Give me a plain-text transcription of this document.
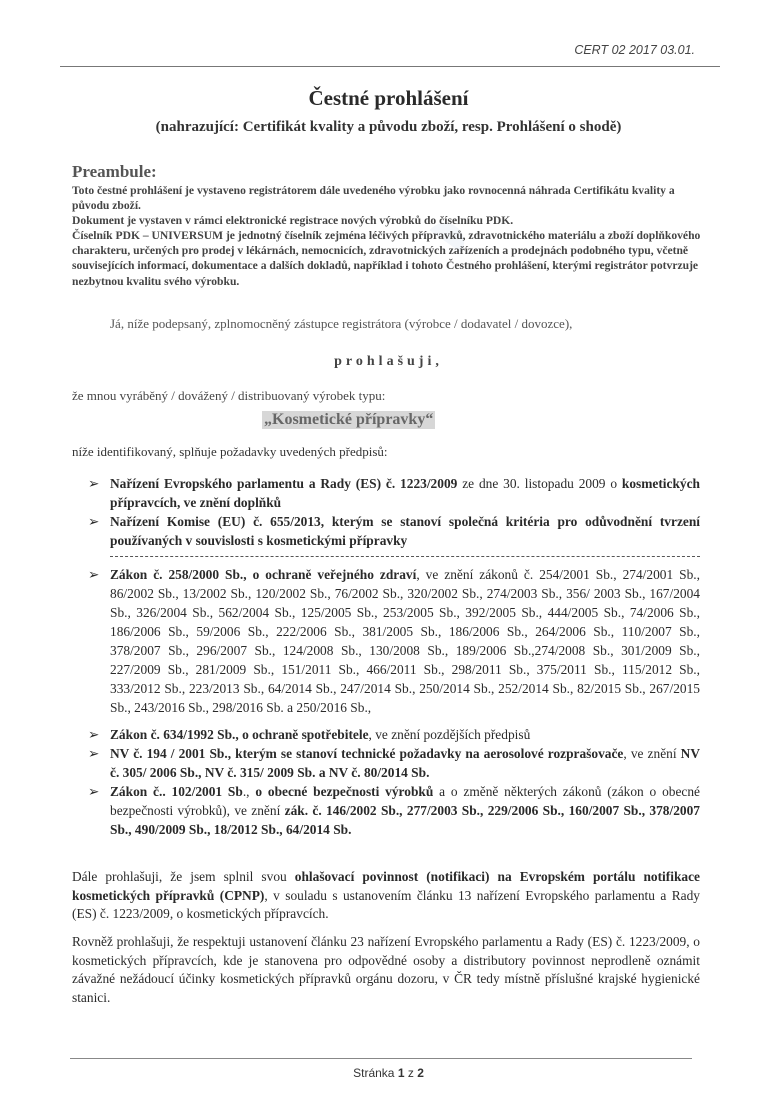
◗
CERT 02 2017 03.01.
Čestné prohlášení
(nahrazující: Certifikát kvality a původu zboží, resp. Prohlášení o shodě)
Preambule:

Toto čestné prohlášení je vystaveno registrátorem dále uvedeného výrobku jako rovnocenná náhrada Certifikátu kvality a původu zboží.

Dokument je vystaven v rámci elektronické registrace nových výrobků do číselníku PDK.

Číselník PDK – UNIVERSUM je jednotný číselník zejména léčivých přípravků, zdravotnického materiálu a zboží doplňkového charakteru, určených pro prodej v lékárnách, nemocnicích, zdravotnických zařízeních a prodejnách podobného typu, včetně souvisejících informací, dokumentace a dalších dokladů, například i tohoto Čestného prohlášení, kterými registrátor potvrzuje nezbytnou kvalitu svého výrobku.

Já, níže podepsaný, zplnomocněný zástupce registrátora (výrobce / dodavatel / dovozce),
prohlašuji,
že mnou vyráběný / dovážený / distribuovaný výrobek typu:
„Kosmetické přípravky“
níže identifikovaný, splňuje požadavky uvedených předpisů:
➢ Nařízení Evropského parlamentu a Rady (ES) č. 1223/2009 ze dne 30. listopadu 2009 o kosmetických přípravcích, ve znění doplňků
➢ Nařízení Komise (EU) č. 655/2013, kterým se stanoví společná kritéria pro odůvodnění tvrzení používaných v souvislosti s kosmetickými přípravky
➢ Zákon č. 258/2000 Sb., o ochraně veřejného zdraví, ve znění zákonů č. 254/2001 Sb., 274/2001 Sb., 86/2002 Sb., 13/2002 Sb., 120/2002 Sb., 76/2002 Sb., 320/2002 Sb., 274/2003 Sb., 356/ 2003 Sb., 167/2004 Sb., 326/2004 Sb., 562/2004 Sb., 125/2005 Sb., 253/2005 Sb., 392/2005 Sb., 444/2005 Sb., 74/2006 Sb., 186/2006 Sb., 59/2006 Sb., 222/2006 Sb., 381/2005 Sb., 186/2006 Sb., 264/2006 Sb., 110/2007 Sb., 378/2007 Sb., 296/2007 Sb., 124/2008 Sb., 130/2008 Sb., 189/2006 Sb.,274/2008 Sb., 301/2009 Sb., 227/2009 Sb., 281/2009 Sb., 151/2011 Sb., 466/2011 Sb., 298/2011 Sb., 375/2011 Sb., 115/2012 Sb., 333/2012 Sb., 223/2013 Sb., 64/2014 Sb., 247/2014 Sb., 250/2014 Sb., 252/2014 Sb., 82/2015 Sb., 267/2015 Sb., 243/2016 Sb., 298/2016 Sb. a 250/2016 Sb.,
➢ Zákon č. 634/1992 Sb., o ochraně spotřebitele, ve znění pozdějších předpisů
➢ NV č. 194 / 2001 Sb., kterým se stanoví technické požadavky na aerosolové rozprašovače, ve znění NV č. 305/ 2006 Sb., NV č. 315/ 2009 Sb. a NV č. 80/2014 Sb.
➢ Zákon č.. 102/2001 Sb., o obecné bezpečnosti výrobků a o změně některých zákonů (zákon o obecné bezpečnosti výrobků), ve znění zák. č. 146/2002 Sb., 277/2003 Sb., 229/2006 Sb., 160/2007 Sb., 378/2007 Sb., 490/2009 Sb., 18/2012 Sb., 64/2014 Sb.
Dále prohlašuji, že jsem splnil svou ohlašovací povinnost (notifikaci) na Evropském portálu notifikace kosmetických přípravků (CPNP), v souladu s ustanovením článku 13 nařízení Evropského parlamentu a Rady (ES) č. 1223/2009, o kosmetických přípravcích.
Rovněž prohlašuji, že respektuji ustanovení článku 23 nařízení Evropského parlamentu a Rady (ES) č. 1223/2009, o kosmetických přípravcích, kde je stanovena pro odpovědné osoby a distributory povinnost neprodleně oznámit závažné nežádoucí účinky kosmetických přípravků orgánu dozoru, v ČR tedy místně příslušné krajské hygienické stanici.
Stránka 1 z 2
